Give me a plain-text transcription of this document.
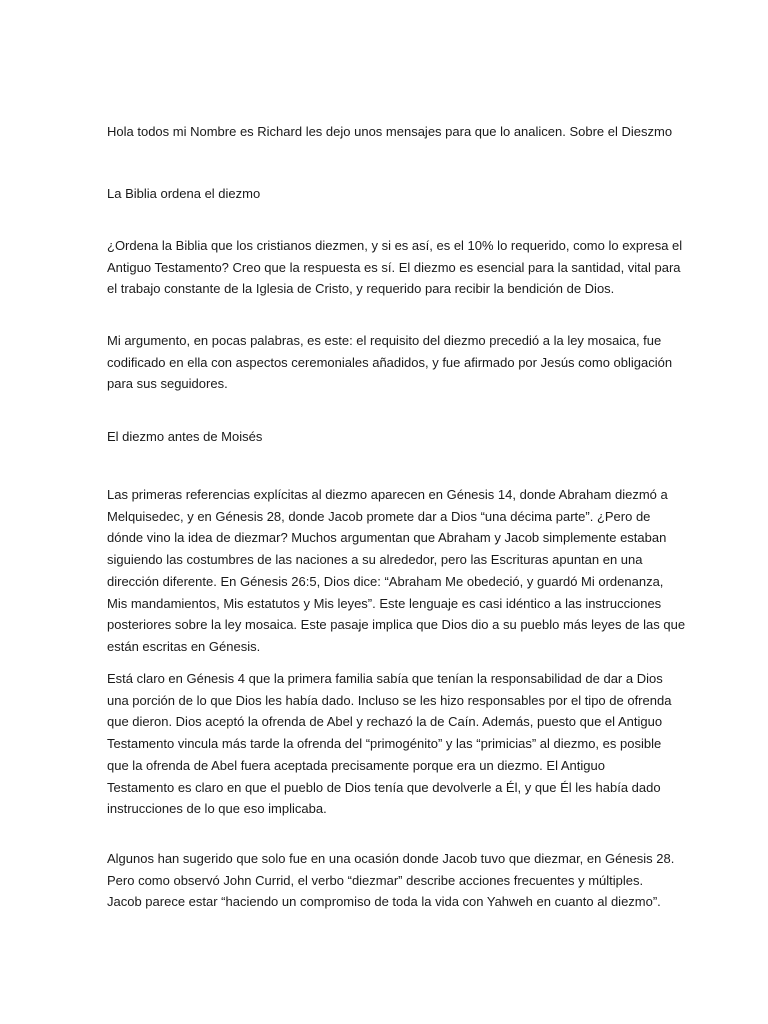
Hola todos mi Nombre es Richard les dejo unos mensajes para que lo analicen. Sobre el Dieszmo

La Biblia ordena el diezmo

¿Ordena la Biblia que los cristianos diezmen, y si es así, es el 10% lo requerido, como lo expresa el
Antiguo Testamento? Creo que la respuesta es sí. El diezmo es esencial para la santidad, vital para
el trabajo constante de la Iglesia de Cristo, y requerido para recibir la bendición de Dios.

Mi argumento, en pocas palabras, es este: el requisito del diezmo precedió a la ley mosaica, fue
codificado en ella con aspectos ceremoniales añadidos, y fue afirmado por Jesús como obligación
para sus seguidores.

El diezmo antes de Moisés

Las primeras referencias explícitas al diezmo aparecen en Génesis 14, donde Abraham diezmó a
Melquisedec, y en Génesis 28, donde Jacob promete dar a Dios “una décima parte”. ¿Pero de
dónde vino la idea de diezmar? Muchos argumentan que Abraham y Jacob simplemente estaban
siguiendo las costumbres de las naciones a su alrededor, pero las Escrituras apuntan en una
dirección diferente. En Génesis 26:5, Dios dice: “Abraham Me obedeció, y guardó Mi ordenanza,
Mis mandamientos, Mis estatutos y Mis leyes”. Este lenguaje es casi idéntico a las instrucciones
posteriores sobre la ley mosaica. Este pasaje implica que Dios dio a su pueblo más leyes de las que
están escritas en Génesis.

Está claro en Génesis 4 que la primera familia sabía que tenían la responsabilidad de dar a Dios
una porción de lo que Dios les había dado. Incluso se les hizo responsables por el tipo de ofrenda
que dieron. Dios aceptó la ofrenda de Abel y rechazó la de Caín. Además, puesto que el Antiguo
Testamento vincula más tarde la ofrenda del “primogénito” y las “primicias” al diezmo, es posible
que la ofrenda de Abel fuera aceptada precisamente porque era un diezmo. El Antiguo
Testamento es claro en que el pueblo de Dios tenía que devolverle a Él, y que Él les había dado
instrucciones de lo que eso implicaba.

Algunos han sugerido que solo fue en una ocasión donde Jacob tuvo que diezmar, en Génesis 28.
Pero como observó John Currid, el verbo “diezmar” describe acciones frecuentes y múltiples.
Jacob parece estar “haciendo un compromiso de toda la vida con Yahweh en cuanto al diezmo”.
